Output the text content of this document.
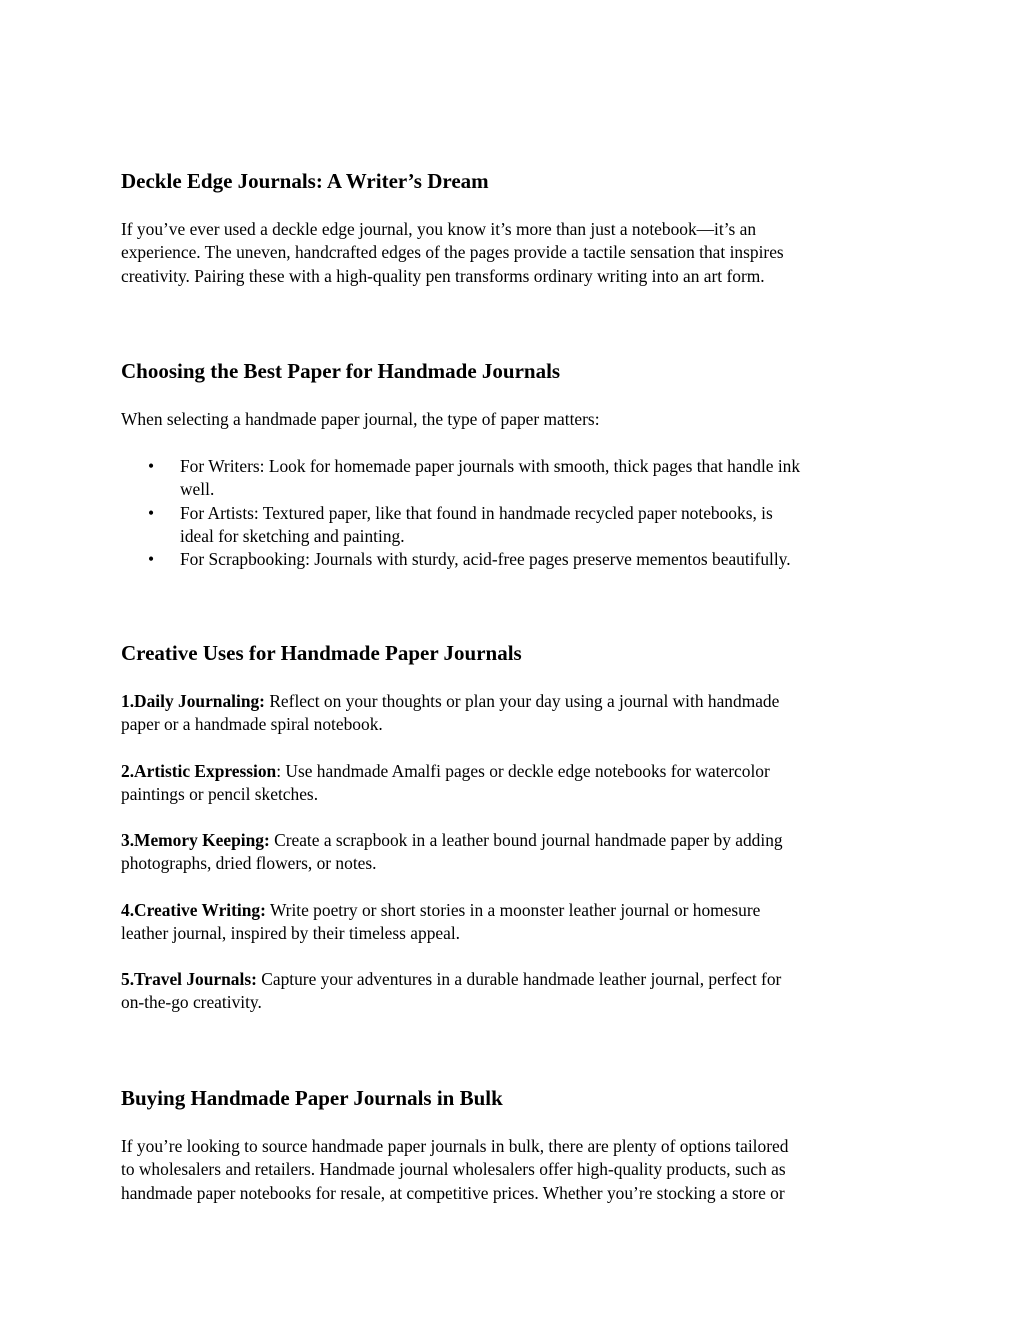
Deckle Edge Journals: A Writer’s Dream

If you’ve ever used a deckle edge journal, you know it’s more than just a notebook—it’s an
experience. The uneven, handcrafted edges of the pages provide a tactile sensation that inspires
creativity. Pairing these with a high-quality pen transforms ordinary writing into an art form.

Choosing the Best Paper for Handmade Journals

When selecting a handmade paper journal, the type of paper matters:

• For Writers: Look for homemade paper journals with smooth, thick pages that handle ink
well.
• For Artists: Textured paper, like that found in handmade recycled paper notebooks, is
ideal for sketching and painting.
• For Scrapbooking: Journals with sturdy, acid-free pages preserve mementos beautifully.
Creative Uses for Handmade Paper Journals

1.Daily Journaling: Reflect on your thoughts or plan your day using a journal with handmade
paper or a handmade spiral notebook.

2.Artistic Expression: Use handmade Amalfi pages or deckle edge notebooks for watercolor
paintings or pencil sketches.

3.Memory Keeping: Create a scrapbook in a leather bound journal handmade paper by adding
photographs, dried flowers, or notes.

4.Creative Writing: Write poetry or short stories in a moonster leather journal or homesure
leather journal, inspired by their timeless appeal.

5.Travel Journals: Capture your adventures in a durable handmade leather journal, perfect for
on-the-go creativity.

Buying Handmade Paper Journals in Bulk

If you’re looking to source handmade paper journals in bulk, there are plenty of options tailored
to wholesalers and retailers. Handmade journal wholesalers offer high-quality products, such as
handmade paper notebooks for resale, at competitive prices. Whether you’re stocking a store or
